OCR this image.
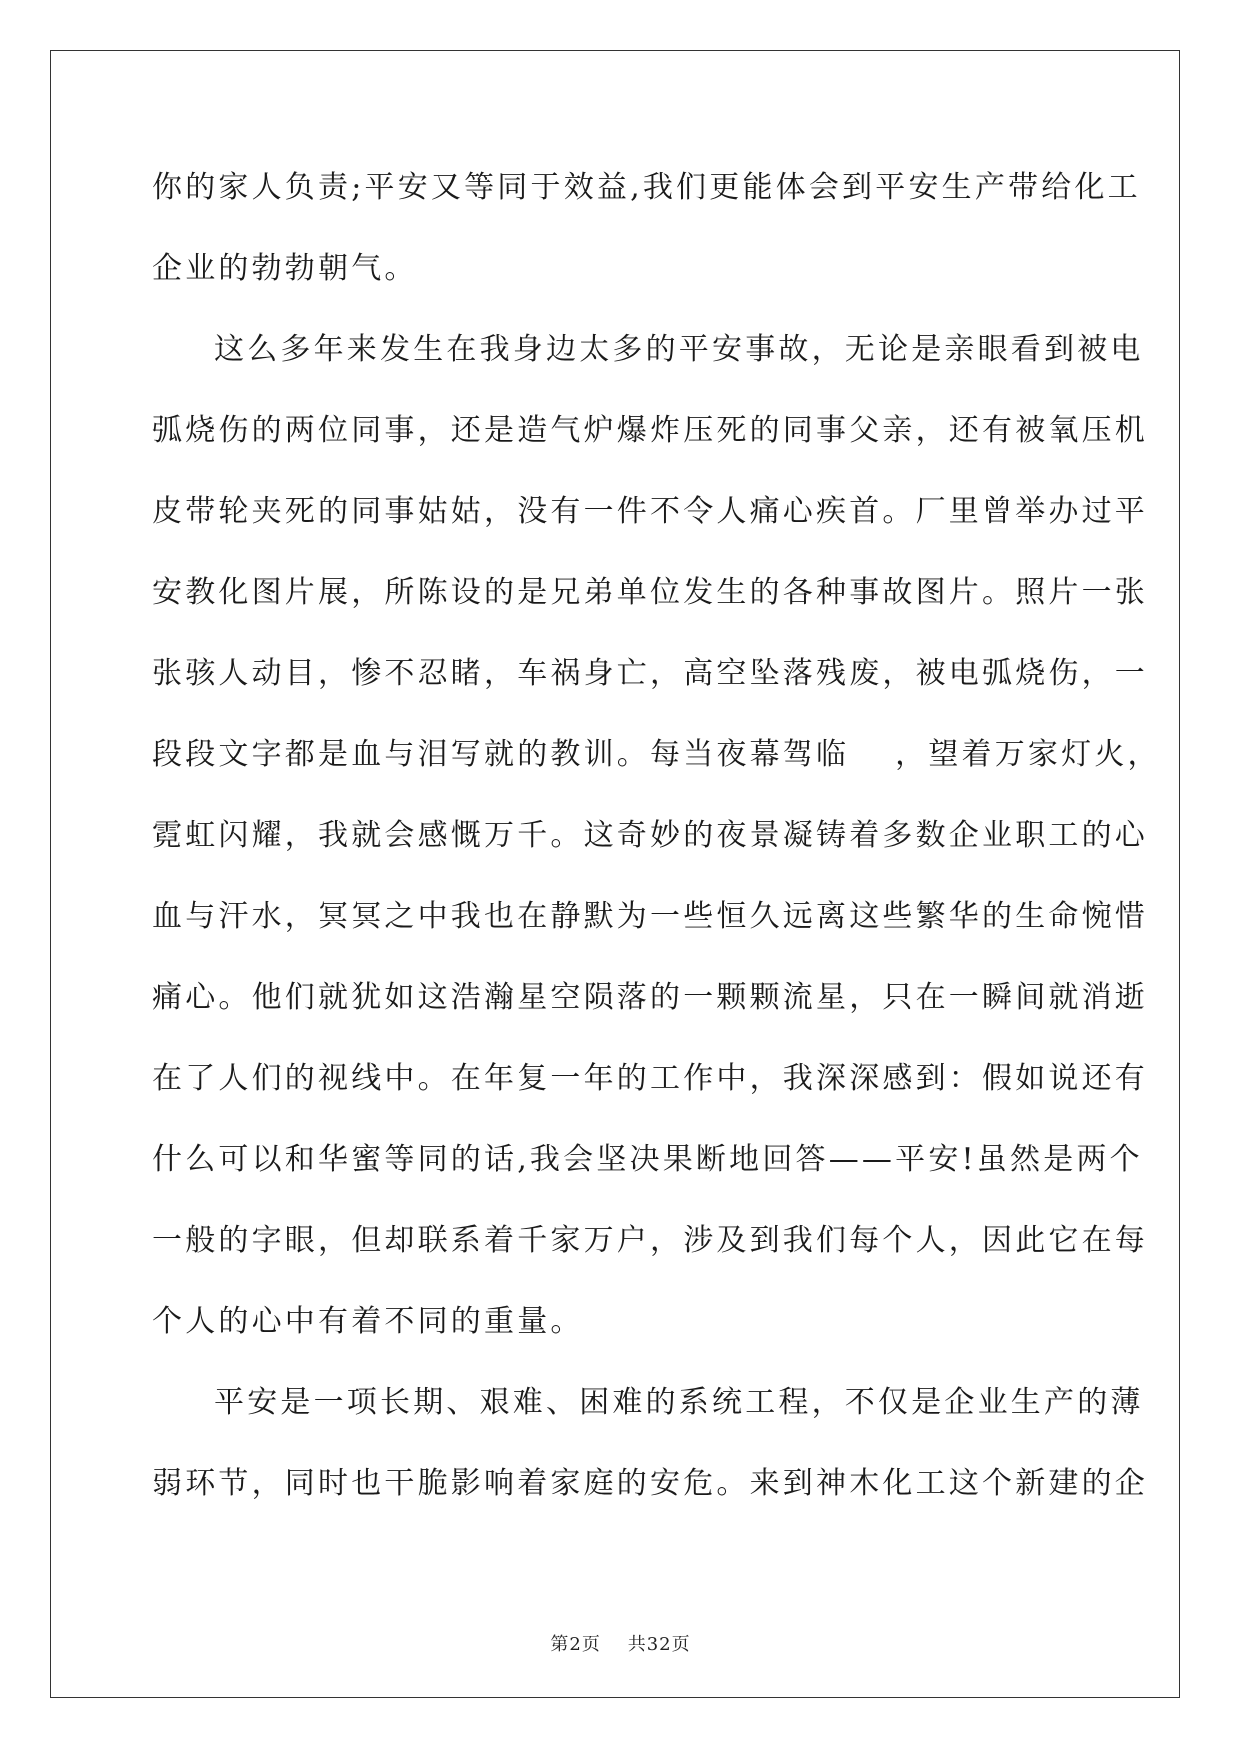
你的家人负责;平安又等同于效益,我们更能体会到平安生产带给化工
企业的勃勃朝气。
这么多年来发生在我身边太多的平安事故，无论是亲眼看到被电
弧烧伤的两位同事，还是造气炉爆炸压死的同事父亲，还有被氧压机
皮带轮夹死的同事姑姑，没有一件不令人痛心疾首。厂里曾举办过平
安教化图片展，所陈设的是兄弟单位发生的各种事故图片。照片一张
张骇人动目，惨不忍睹，车祸身亡，高空坠落残废，被电弧烧伤，一
段段文字都是血与泪写就的教训。每当夜幕驾临　 ，望着万家灯火，
霓虹闪耀，我就会感慨万千。这奇妙的夜景凝铸着多数企业职工的心
血与汗水，冥冥之中我也在静默为一些恒久远离这些繁华的生命惋惜
痛心。他们就犹如这浩瀚星空陨落的一颗颗流星，只在一瞬间就消逝
在了人们的视线中。在年复一年的工作中，我深深感到：假如说还有
什么可以和华蜜等同的话,我会坚决果断地回答——平安!虽然是两个
一般的字眼，但却联系着千家万户，涉及到我们每个人，因此它在每
个人的心中有着不同的重量。
平安是一项长期、艰难、困难的系统工程，不仅是企业生产的薄
弱环节，同时也干脆影响着家庭的安危。来到神木化工这个新建的企
第2页 共32页
